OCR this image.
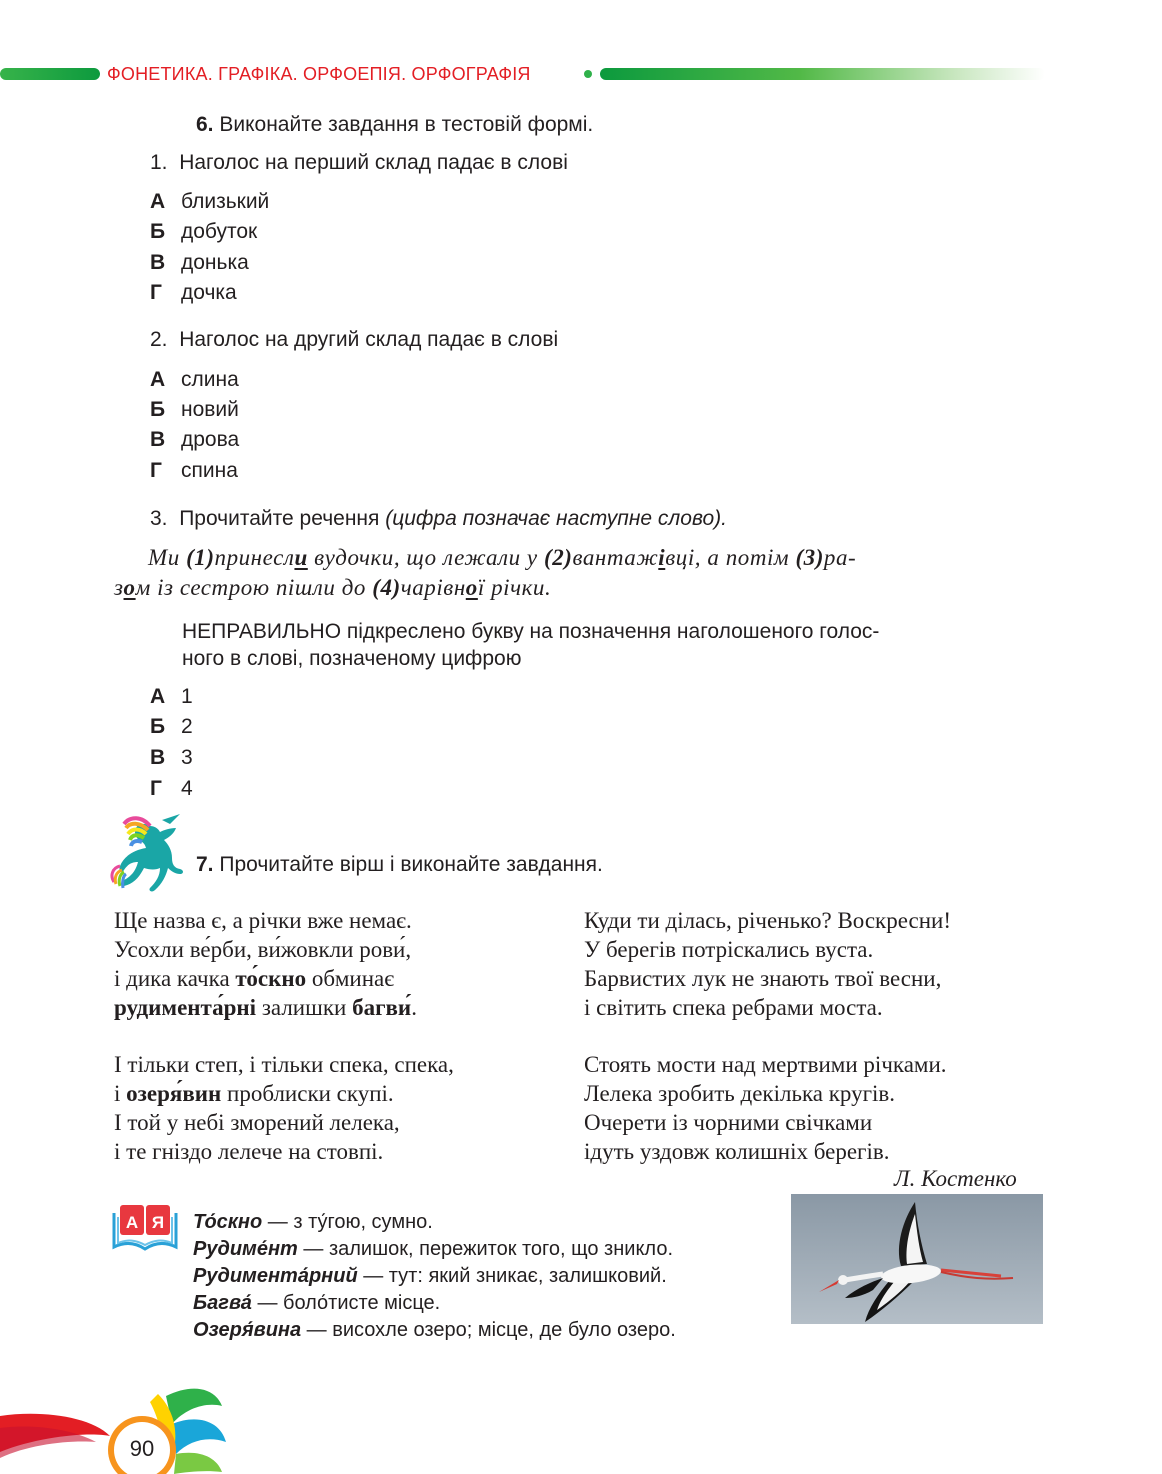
ФОНЕТИКА. ГРАФІКА. ОРФОЕПІЯ. ОРФОГРАФІЯ
6. Виконайте завдання в тестовій формі.
1. Наголос на перший склад падає в слові
А близький
Б добуток
В донька
Г дочка
2. Наголос на другий склад падає в слові
А слина
Б новий
В дрова
Г спина
3. Прочитайте речення (цифра позначає наступне слово).
Ми (1)принесли вудочки, що лежали у (2)вантажівці, а потім (3)ра-
зом із сестрою пішли до (4)чарівної річки.
НЕПРАВИЛЬНО підкреслено букву на позначення наголошеного голос-
ного в слові, позначеному цифрою
А 1
Б 2
В 3
Г 4
7. Прочитайте вірш і виконайте завдання.
Ще назва є, а річки вже немає.
Усохли ве́рби, ви́жовкли рови́,
і дика качка то́скно обминає
рудимента́рні залишки багви́.
І тільки степ, і тільки спека, спека,
і озеря́вин проблиски скупі.
І той у небі зморений лелека,
і те гніздо лелече на стовпі.
Куди ти ділась, річенько? Воскресни!
У берегів потріскались вуста.
Барвистих лук не знають твої весни,
і світить спека ребрами моста.
Стоять мости над мертвими річками.
Лелека зробить декілька кругів.
Очерети із чорними свічками
ідуть уздовж колишніх берегів.
Л. Костенко
А Я То́скно — з ту́гою, сумно.
Рудиме́нт — залишок, пережиток того, що зникло.
Рудимента́рний — тут: який зникає, залишковий.
Багва́ — боло́тисте місце.
Озеря́вина — висохле озеро; місце, де було озеро.
90
